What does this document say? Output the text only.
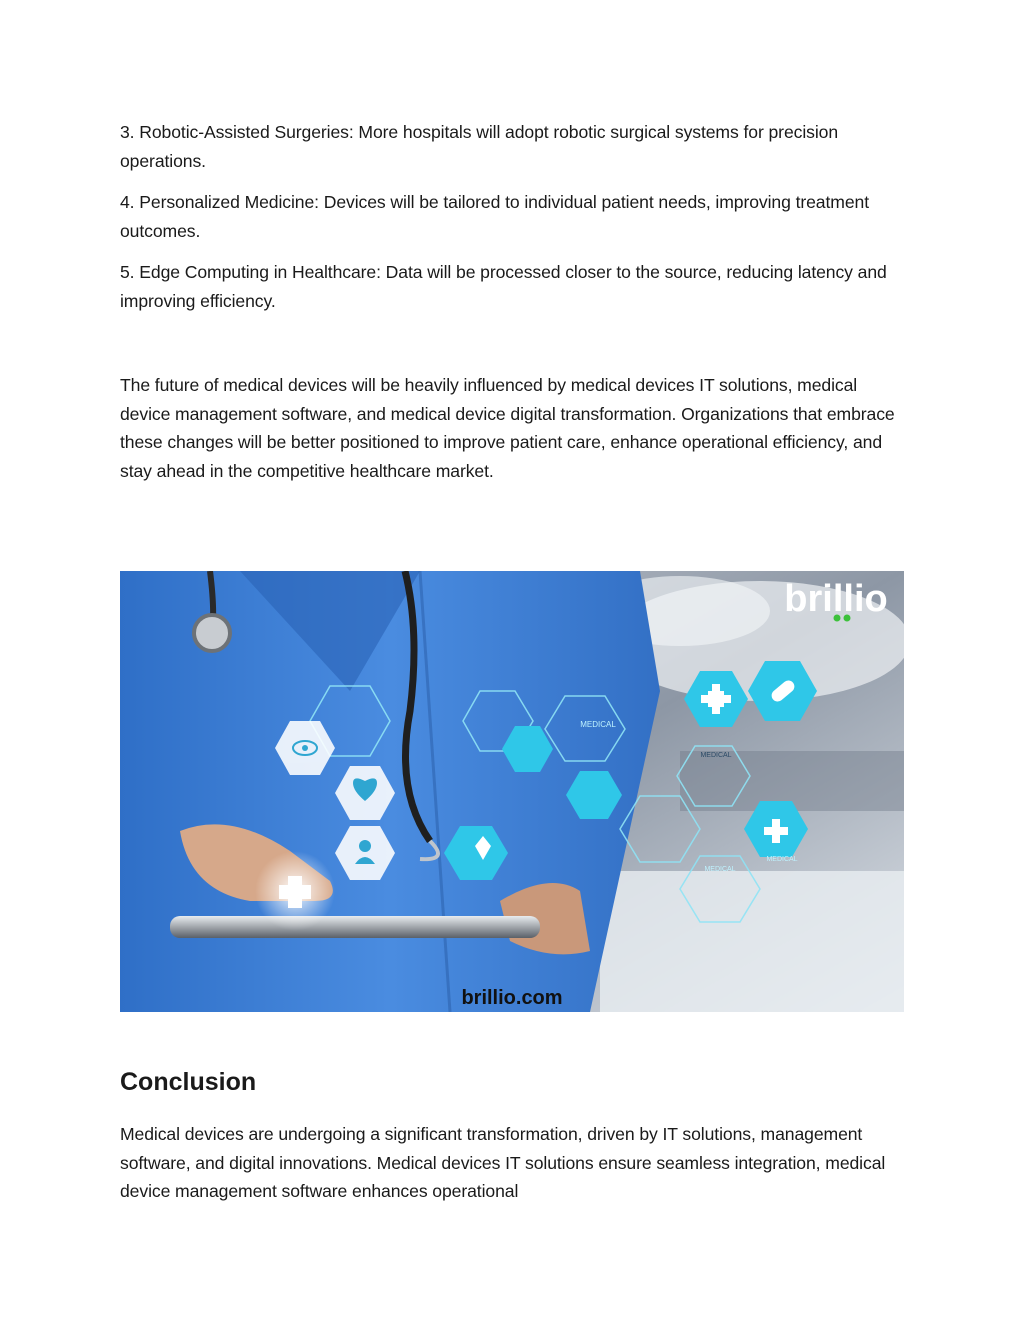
3. Robotic-Assisted Surgeries: More hospitals will adopt robotic surgical systems for precision operations.

4. Personalized Medicine: Devices will be tailored to individual patient needs, improving treatment outcomes.

5. Edge Computing in Healthcare: Data will be processed closer to the source, reducing latency and improving efficiency.

The future of medical devices will be heavily influenced by medical devices IT solutions, medical device management software, and medical device digital transformation. Organizations that embrace these changes will be better positioned to improve patient care, enhance operational efficiency, and stay ahead in the competitive healthcare market.

brillio
MEDICAL
MEDICAL
MEDICAL
MEDICAL
brillio.com
Conclusion

Medical devices are undergoing a significant transformation, driven by IT solutions, management software, and digital innovations. Medical devices IT solutions ensure seamless integration, medical device management software enhances operational
